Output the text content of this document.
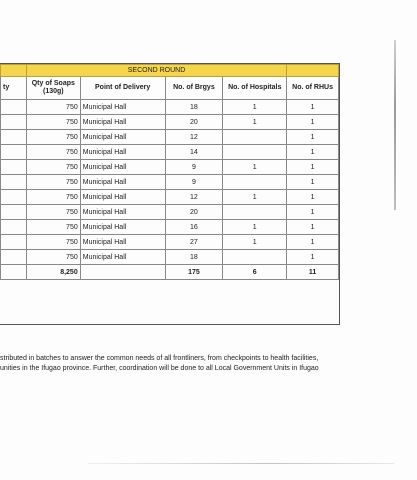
	SECOND ROUND				
ty	Qty of Soaps (130g)	Point of Delivery	No. of Brgys	No. of Hospitals	No. of RHUs
	750	Municipal Hall	18	1	1
	750	Municipal Hall	20	1	1
	750	Municipal Hall	12		1
	750	Municipal Hall	14		1
	750	Municipal Hall	9	1	1
	750	Municipal Hall	9		1
	750	Municipal Hall	12	1	1
	750	Municipal Hall	20		1
	750	Municipal Hall	16	1	1
	750	Municipal Hall	27	1	1
	750	Municipal Hall	18		1
	8,250		175	6	11
stributed in batches to answer the common needs of all frontliners, from checkpoints to health facilities,
unities in the Ifugao province. Further, coordination will be done to all Local Government Units in Ifugao
